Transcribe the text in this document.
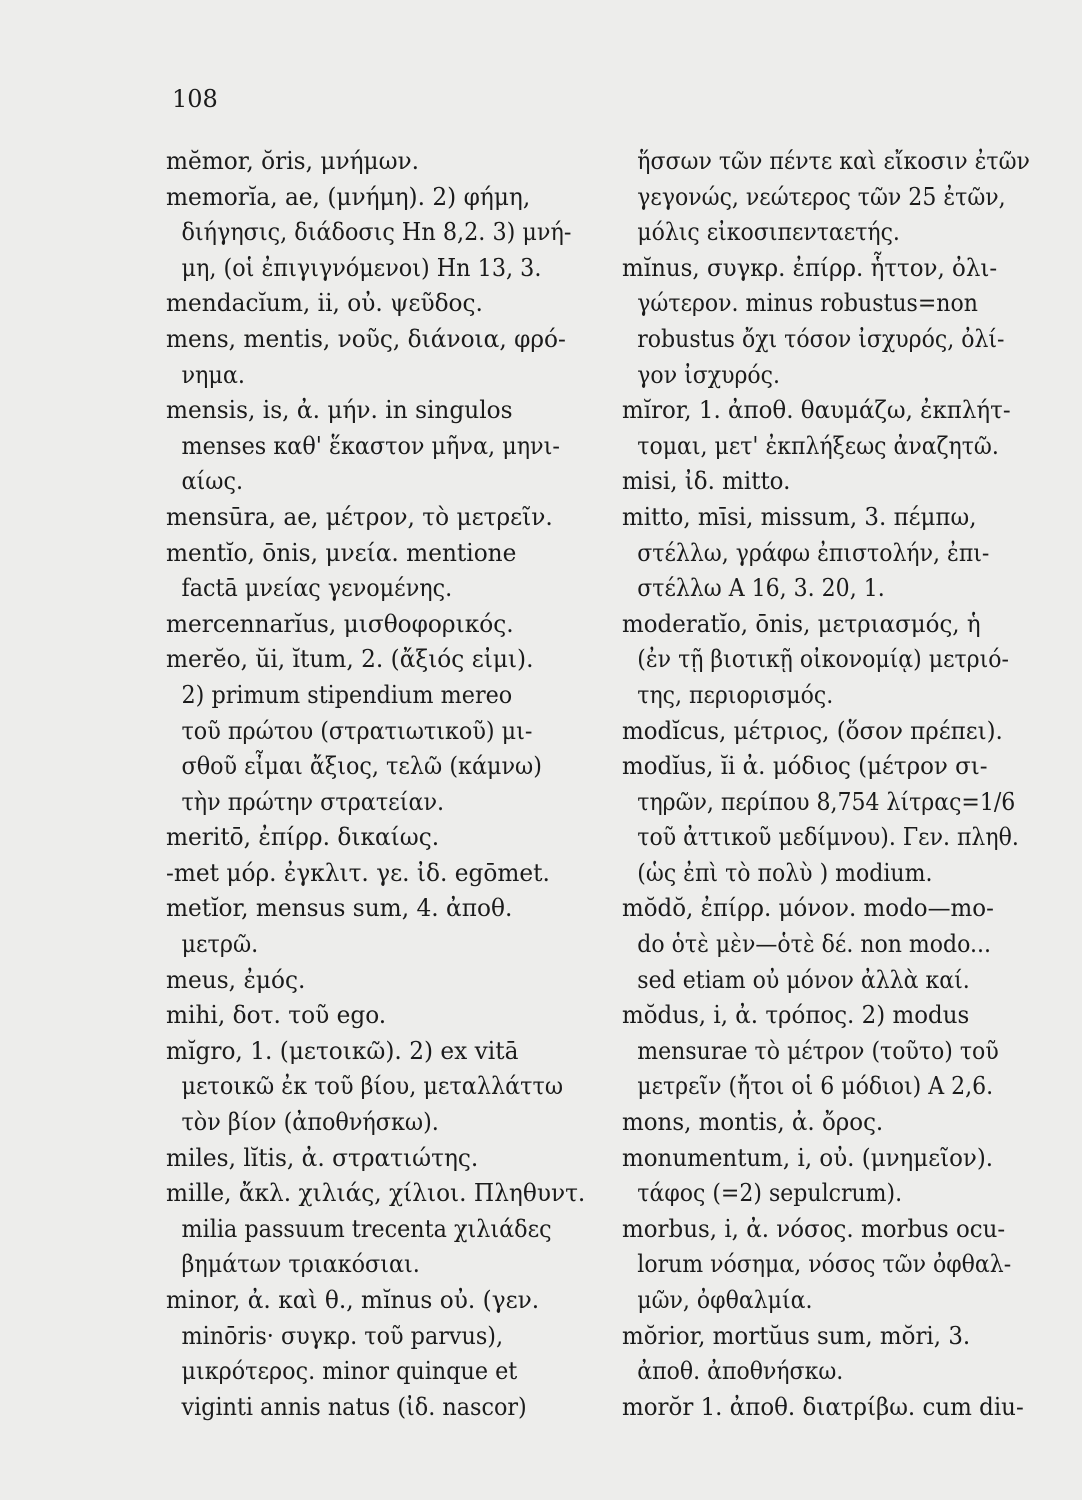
108
mĕmor, ŏris, μνήμων.
memorĭa, ae, (μνήμη). 2) φήμη,
διήγησις, διάδοσις Hn 8,2. 3) μνή-
μη, (οἱ ἐπιγιγνόμενοι) Hn 13, 3.
mendacĭum, ii, οὐ. ψεῦδος.
mens, mentis, νοῦς, διάνοια, φρό-
νημα.
mensis, is, ἀ. μήν. in singulos
menses καθ' ἕκαστον μῆνα, μηνι-
αίως.
mensūra, ae, μέτρον, τὸ μετρεῖν.
mentĭo, ōnis, μνεία. mentione
factā μνείας γενομένης.
mercennarĭus, μισθοφορικός.
merĕo, ŭi, ĭtum, 2. (ἄξιός εἰμι).
2) primum stipendium mereo
τοῦ πρώτου (στρατιωτικοῦ) μι-
σθοῦ εἶμαι ἄξιος, τελῶ (κάμνω)
τὴν πρώτην στρατείαν.
meritō, ἐπίρρ. δικαίως.
-met μόρ. ἐγκλιτ. γε. ἰδ. egōmet.
metĭor, mensus sum, 4. ἀποθ.
μετρῶ.
meus, ἐμός.
mihi, δοτ. τοῦ ego.
mĭgro, 1. (μετοικῶ). 2) ex vitā
μετοικῶ ἐκ τοῦ βίου, μεταλλάττω
τὸν βίον (ἀποθνήσκω).
miles, lĭtis, ἀ. στρατιώτης.
mille, ἄκλ. χιλιάς, χίλιοι. Πληθυντ.
milia passuum trecenta χιλιάδες
βημάτων τριακόσιαι.
minor, ἀ. καὶ θ., mĭnus οὐ. (γεν.
minōris· συγκρ. τοῦ parvus),
μικρότερος. minor quinque et
viginti annis natus (ἰδ. nascor)
ἥσσων τῶν πέντε καὶ εἴκοσιν ἐτῶν
γεγονώς, νεώτερος τῶν 25 ἐτῶν,
μόλις εἰκοσιπενταετής.
mĭnus, συγκρ. ἐπίρρ. ἧττον, ὀλι-
γώτερον. minus robustus=non
robustus ὄχι τόσον ἰσχυρός, ὀλί-
γον ἰσχυρός.
mĭror, 1. ἀποθ. θαυμάζω, ἐκπλήτ-
τομαι, μετ' ἐκπλήξεως ἀναζητῶ.
misi, ἰδ. mitto.
mitto, mīsi, missum, 3. πέμπω,
στέλλω, γράφω ἐπιστολήν, ἐπι-
στέλλω A 16, 3. 20, 1.
moderatĭo, ōnis, μετριασμός, ἡ
(ἐν τῇ βιοτικῇ οἰκονομίᾳ) μετριό-
της, περιορισμός.
modĭcus, μέτριος, (ὅσον πρέπει).
modĭus, ĭi ἀ. μόδιος (μέτρον σι-
τηρῶν, περίπου 8,754 λίτρας=1/6
τοῦ ἀττικοῦ μεδίμνου). Γεν. πληθ.
(ὡς ἐπὶ τὸ πολὺ ) modium.
mŏdŏ, ἐπίρρ. μόνον. modo—mo-
do ὁτὲ μὲν—ὁτὲ δέ. non modo...
sed etiam οὐ μόνον ἀλλὰ καί.
mŏdus, i, ἀ. τρόπος. 2) modus
mensurae τὸ μέτρον (τοῦτο) τοῦ
μετρεῖν (ἤτοι οἱ 6 μόδιοι) A 2,6.
mons, montis, ἀ. ὄρος.
monumentum, i, οὐ. (μνημεῖον).
τάφος (=2) sepulcrum).
morbus, i, ἀ. νόσος. morbus ocu-
lorum νόσημα, νόσος τῶν ὀφθαλ-
μῶν, ὀφθαλμία.
mŏrior, mortŭus sum, mŏri, 3.
ἀποθ. ἀποθνήσκω.
morŏr 1. ἀποθ. διατρίβω. cum diu-
